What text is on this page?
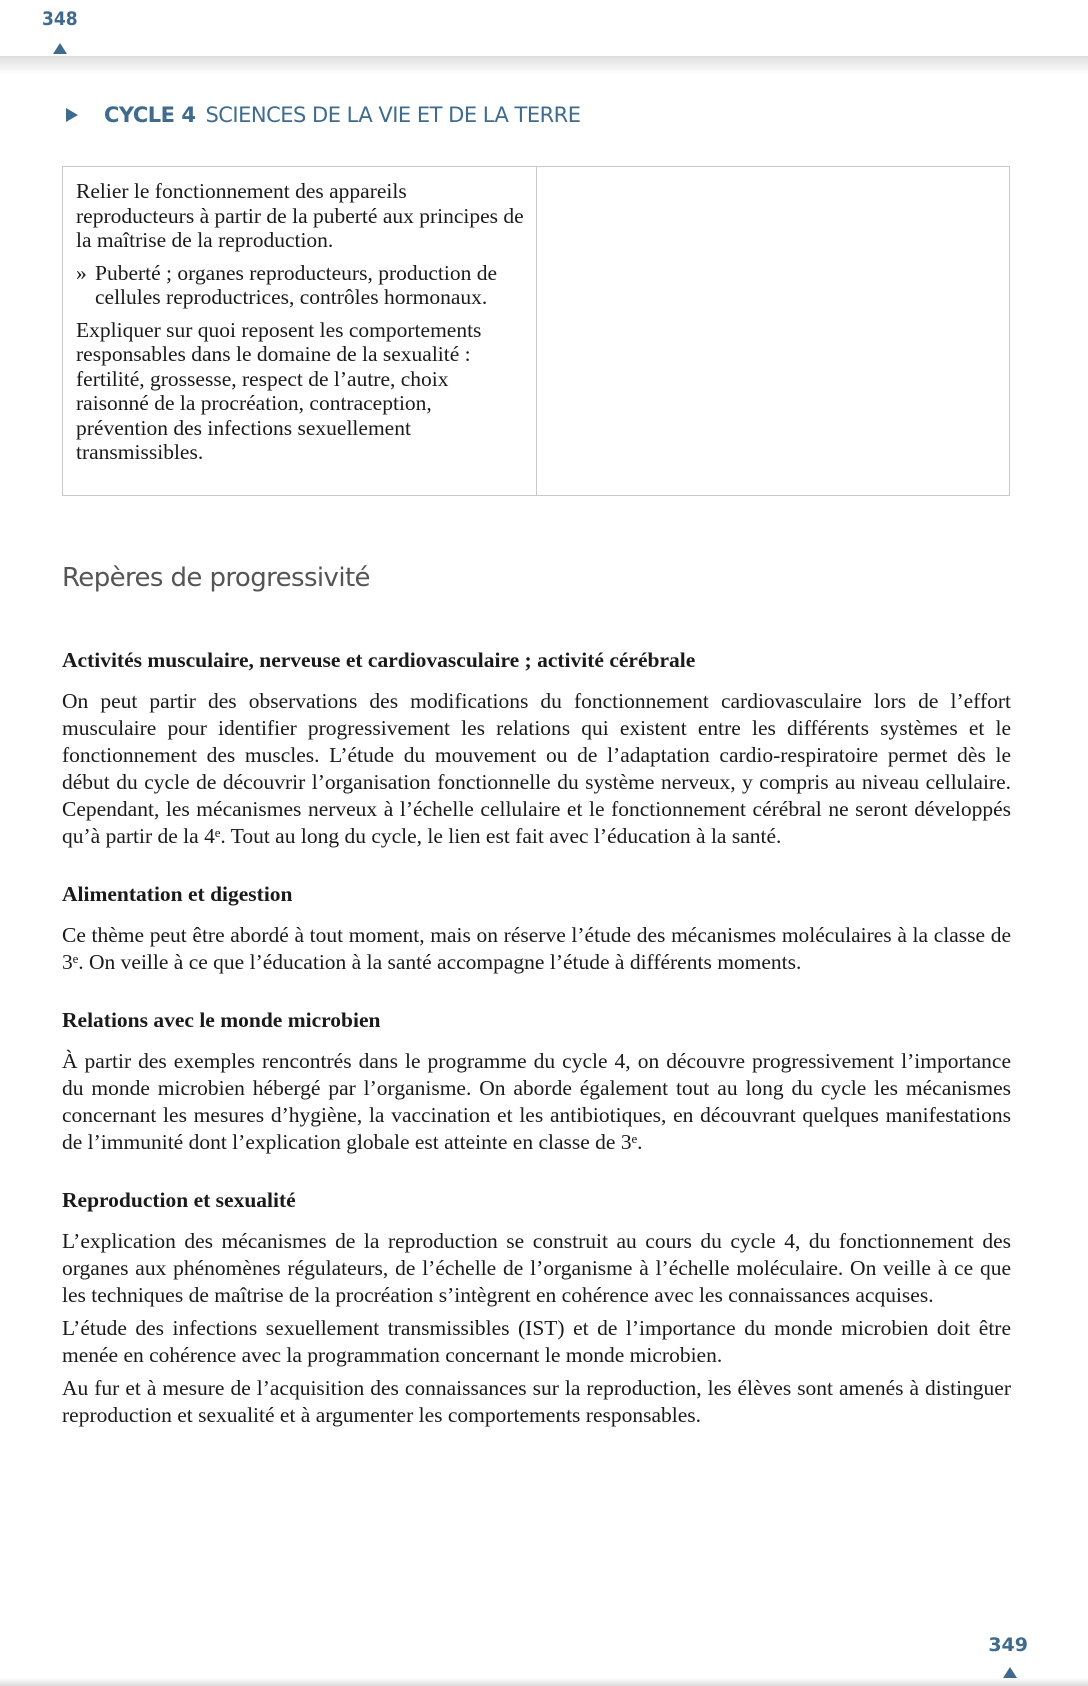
348
CYCLE 4 SCIENCES DE LA VIE ET DE LA TERRE

Relier le fonctionnement des appareils reproducteurs à partir de la puberté aux principes de la maîtrise de la reproduction.

» Puberté ; organes reproducteurs, production de cellules reproductrices, contrôles hormonaux.

Expliquer sur quoi reposent les comportements responsables dans le domaine de la sexualité : fertilité, grossesse, respect de l’autre, choix raisonné de la procréation, contraception, prévention des infections sexuellement transmissibles.

Repères de progressivité
Activités musculaire, nerveuse et cardiovasculaire ; activité cérébrale

On peut partir des observations des modifications du fonctionnement cardiovasculaire lors de l’effort musculaire pour identifier progressivement les relations qui existent entre les différents systèmes et le fonctionnement des muscles. L’étude du mouvement ou de l’adaptation cardio-respiratoire permet dès le début du cycle de découvrir l’organisation fonctionnelle du système nerveux, y compris au niveau cellulaire. Cependant, les mécanismes nerveux à l’échelle cellulaire et le fonctionnement cérébral ne seront développés qu’à partir de la 4ᵉ. Tout au long du cycle, le lien est fait avec l’éducation à la santé.

Alimentation et digestion

Ce thème peut être abordé à tout moment, mais on réserve l’étude des mécanismes moléculaires à la classe de 3ᵉ. On veille à ce que l’éducation à la santé accompagne l’étude à différents moments.

Relations avec le monde microbien

À partir des exemples rencontrés dans le programme du cycle 4, on découvre progressivement l’importance du monde microbien hébergé par l’organisme. On aborde également tout au long du cycle les mécanismes concernant les mesures d’hygiène, la vaccination et les antibiotiques, en découvrant quelques manifestations de l’immunité dont l’explication globale est atteinte en classe de 3ᵉ.

Reproduction et sexualité

L’explication des mécanismes de la reproduction se construit au cours du cycle 4, du fonctionnement des organes aux phénomènes régulateurs, de l’échelle de l’organisme à l’échelle moléculaire. On veille à ce que les techniques de maîtrise de la procréation s’intègrent en cohérence avec les connaissances acquises.

L’étude des infections sexuellement transmissibles (IST) et de l’importance du monde microbien doit être menée en cohérence avec la programmation concernant le monde microbien.

Au fur et à mesure de l’acquisition des connaissances sur la reproduction, les élèves sont amenés à distinguer reproduction et sexualité et à argumenter les comportements responsables.

349
